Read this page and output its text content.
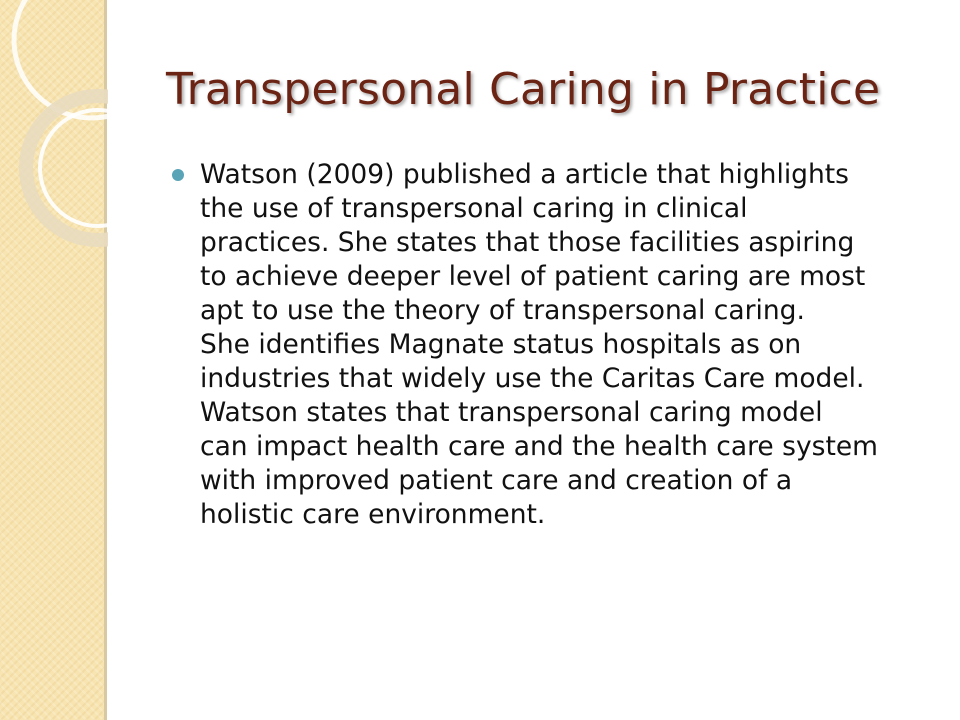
Transpersonal Caring in Practice
Watson (2009) published a article that highlights
the use of transpersonal caring in clinical
practices. She states that those facilities aspiring
to achieve deeper level of patient caring are most
apt to use the theory of transpersonal caring.
She identifies Magnate status hospitals as on
industries that widely use the Caritas Care model.
Watson states that transpersonal caring model
can impact health care and the health care system
with improved patient care and creation of a
holistic care environment.
